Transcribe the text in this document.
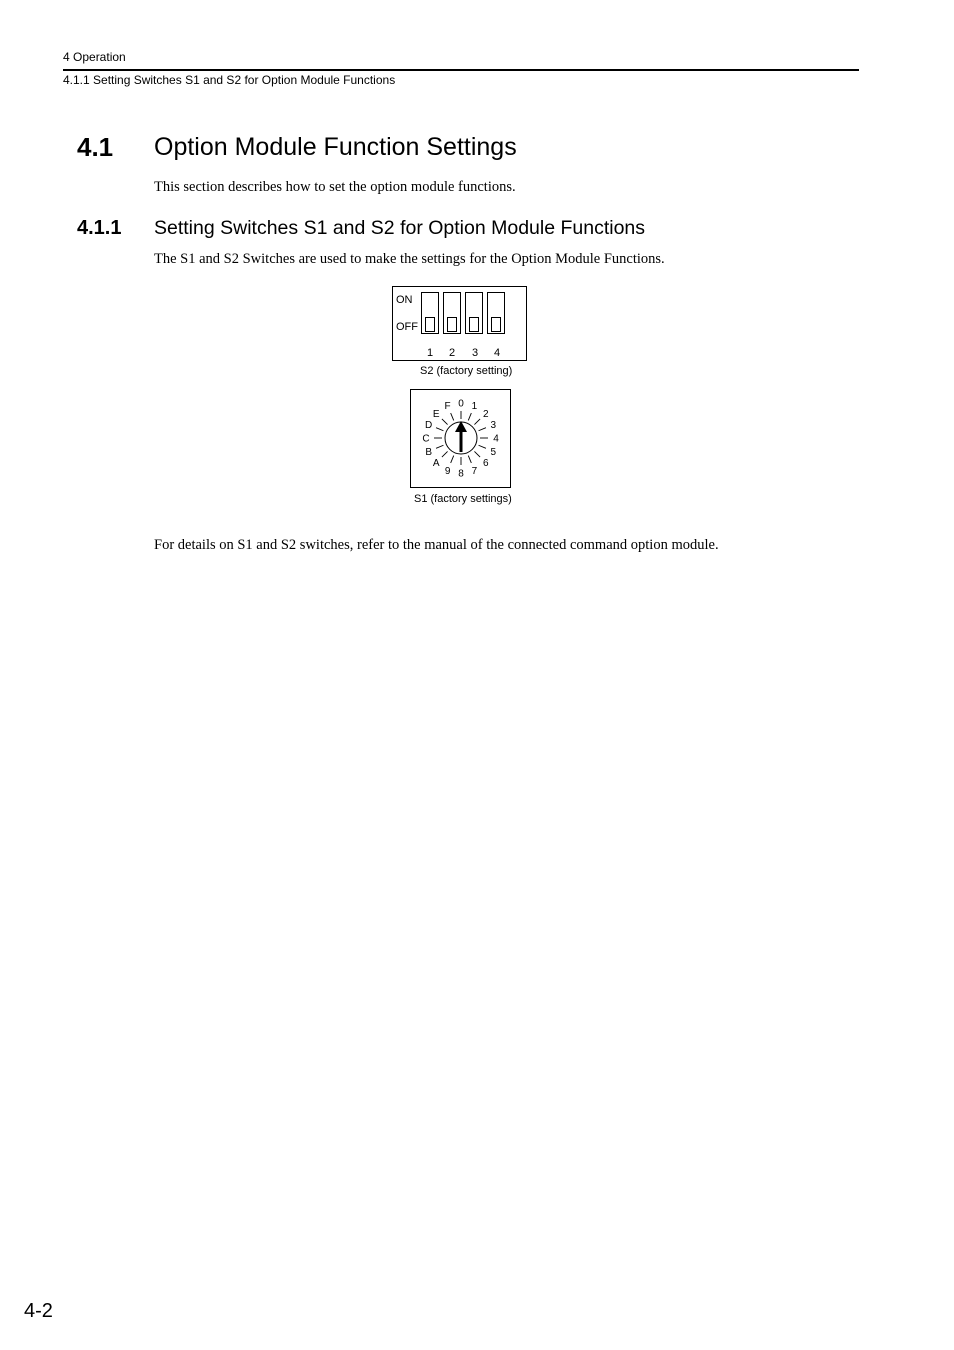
4 Operation
4.1.1 Setting Switches S1 and S2 for Option Module Functions
4.1 Option Module Function Settings
This section describes how to set the option module functions.
4.1.1 Setting Switches S1 and S2 for Option Module Functions
The S1 and S2 Switches are used to make the settings for the Option Module Functions.
ON
OFF
1 2 3 4
S2 (factory setting)
0 1
2
3
4
5
6
7
8
9
A
B
C
D
E
F
S1 (factory settings)
For details on S1 and S2 switches, refer to the manual of the connected command option module.
4-2
